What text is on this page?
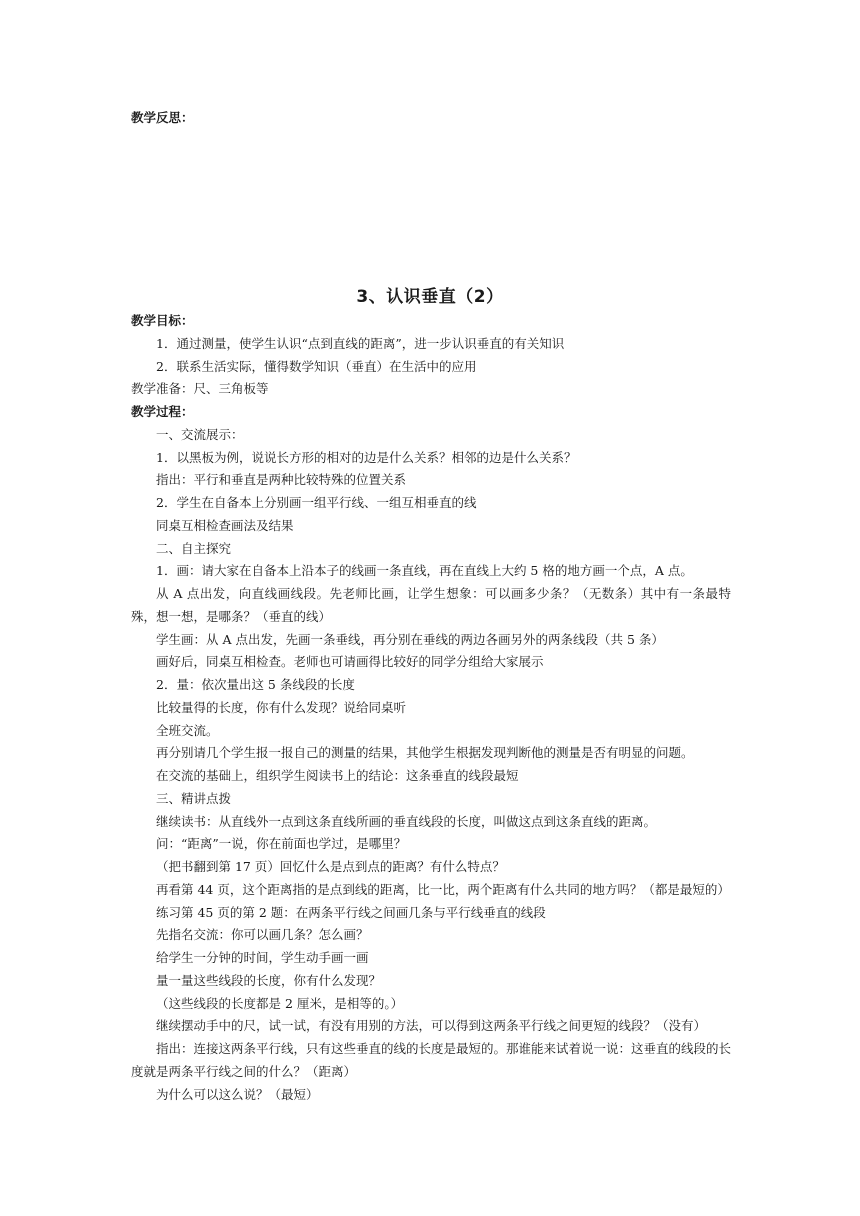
教学反思：
3、认识垂直（2）
教学目标：
1．通过测量，使学生认识“点到直线的距离”，进一步认识垂直的有关知识
2．联系生活实际，懂得数学知识（垂直）在生活中的应用
教学准备：尺、三角板等
教学过程：
一、交流展示：
1．以黑板为例，说说长方形的相对的边是什么关系？相邻的边是什么关系？
指出：平行和垂直是两种比较特殊的位置关系
2．学生在自备本上分别画一组平行线、一组互相垂直的线
同桌互相检查画法及结果
二、自主探究
1．画：请大家在自备本上沿本子的线画一条直线，再在直线上大约 5 格的地方画一个点，A 点。
从 A 点出发，向直线画线段。先老师比画，让学生想象：可以画多少条？（无数条）其中有一条最特殊，想一想，是哪条？（垂直的线）
学生画：从 A 点出发，先画一条垂线，再分别在垂线的两边各画另外的两条线段（共 5 条）
画好后，同桌互相检查。老师也可请画得比较好的同学分组给大家展示
2．量：依次量出这 5 条线段的长度
比较量得的长度，你有什么发现？说给同桌听
全班交流。
再分别请几个学生报一报自己的测量的结果，其他学生根据发现判断他的测量是否有明显的问题。
在交流的基础上，组织学生阅读书上的结论：这条垂直的线段最短
三、精讲点拨
继续读书：从直线外一点到这条直线所画的垂直线段的长度，叫做这点到这条直线的距离。
问：“距离”一说，你在前面也学过，是哪里？
（把书翻到第 17 页）回忆什么是点到点的距离？有什么特点？
再看第 44 页，这个距离指的是点到线的距离，比一比，两个距离有什么共同的地方吗？（都是最短的）
练习第 45 页的第 2 题：在两条平行线之间画几条与平行线垂直的线段
先指名交流：你可以画几条？怎么画？
给学生一分钟的时间，学生动手画一画
量一量这些线段的长度，你有什么发现？
（这些线段的长度都是 2 厘米，是相等的。）
继续摆动手中的尺，试一试，有没有用别的方法，可以得到这两条平行线之间更短的线段？（没有）
指出：连接这两条平行线，只有这些垂直的线的长度是最短的。那谁能来试着说一说：这垂直的线段的长度就是两条平行线之间的什么？（距离）
为什么可以这么说？（最短）
